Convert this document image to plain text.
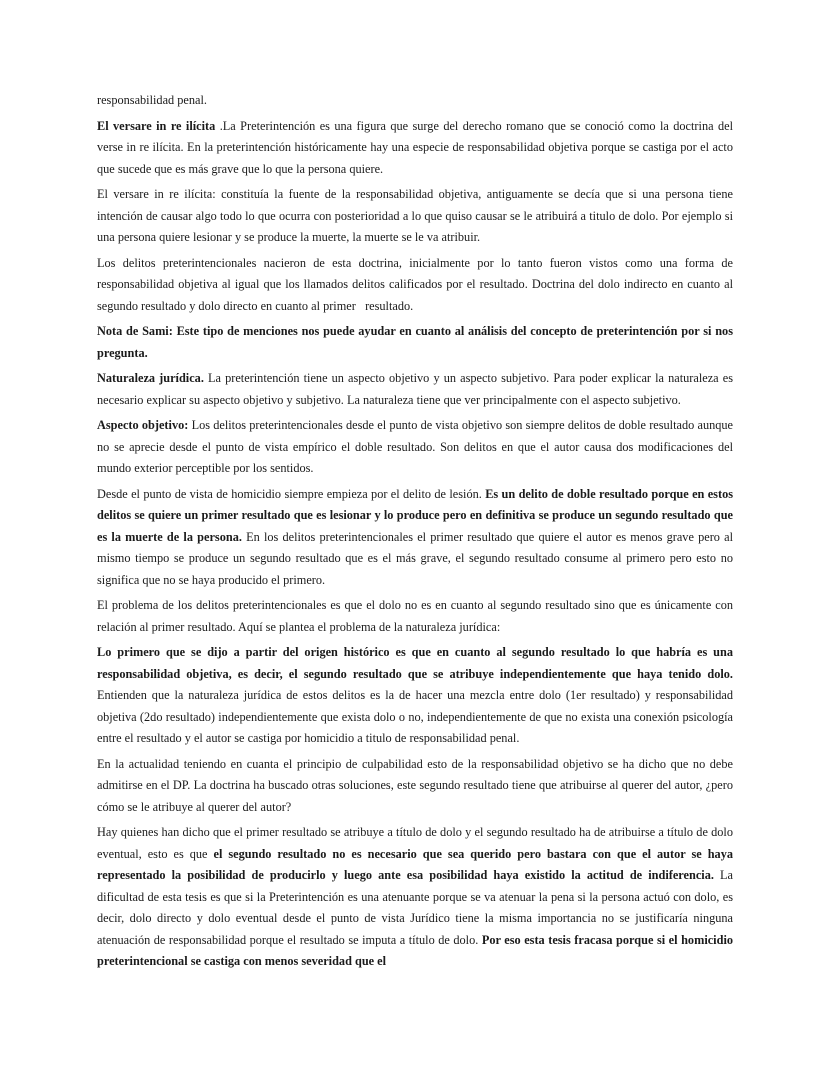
responsabilidad penal.

El versare in re ilícita .La Preterintención es una figura que surge del derecho romano que se conoció como la doctrina del verse in re ilícita. En la preterintención históricamente hay una especie de responsabilidad objetiva porque se castiga por el acto que sucede que es más grave que lo que la persona quiere.

El versare in re ilícita: constituía la fuente de la responsabilidad objetiva, antiguamente se decía que si una persona tiene intención de causar algo todo lo que ocurra con posterioridad a lo que quiso causar se le atribuirá a titulo de dolo. Por ejemplo si una persona quiere lesionar y se produce la muerte, la muerte se le va atribuir.

Los delitos preterintencionales nacieron de esta doctrina, inicialmente por lo tanto fueron vistos como una forma de responsabilidad objetiva al igual que los llamados delitos calificados por el resultado. Doctrina del dolo indirecto en cuanto al segundo resultado y dolo directo en cuanto al primer   resultado.

Nota de Sami: Este tipo de menciones nos puede ayudar en cuanto al análisis del concepto de preterintención por si nos pregunta.

Naturaleza jurídica. La preterintención tiene un aspecto objetivo y un aspecto subjetivo. Para poder explicar la naturaleza es necesario explicar su aspecto objetivo y subjetivo. La naturaleza tiene que ver principalmente con el aspecto subjetivo.

Aspecto objetivo: Los delitos preterintencionales desde el punto de vista objetivo son siempre delitos de doble resultado aunque no se aprecie desde el punto de vista empírico el doble resultado. Son delitos en que el autor causa dos modificaciones del mundo exterior perceptible por los sentidos.

Desde el punto de vista de homicidio siempre empieza por el delito de lesión. Es un delito de doble resultado porque en estos delitos se quiere un primer resultado que es lesionar y lo produce pero en definitiva se produce un segundo resultado que es la muerte de la persona. En los delitos preterintencionales el primer resultado que quiere el autor es menos grave pero al mismo tiempo se produce un segundo resultado que es el más grave, el segundo resultado consume al primero pero esto no significa que no se haya producido el primero.

El problema de los delitos preterintencionales es que el dolo no es en cuanto al segundo resultado sino que es únicamente con relación al primer resultado. Aquí se plantea el problema de la naturaleza jurídica:

Lo primero que se dijo a partir del origen histórico es que en cuanto al segundo resultado lo que habría es una responsabilidad objetiva, es decir, el segundo resultado que se atribuye independientemente que haya tenido dolo. Entienden que la naturaleza jurídica de estos delitos es la de hacer una mezcla entre dolo (1er resultado) y responsabilidad objetiva (2do resultado) independientemente que exista dolo o no, independientemente de que no exista una conexión psicología entre el resultado y el autor se castiga por homicidio a titulo de responsabilidad penal.

En la actualidad teniendo en cuanta el principio de culpabilidad esto de la responsabilidad objetivo se ha dicho que no debe admitirse en el DP. La doctrina ha buscado otras soluciones, este segundo resultado tiene que atribuirse al querer del autor, ¿pero cómo se le atribuye al querer del autor?

Hay quienes han dicho que el primer resultado se atribuye a título de dolo y el segundo resultado ha de atribuirse a título de dolo eventual, esto es que el segundo resultado no es necesario que sea querido pero bastara con que el autor se haya representado la posibilidad de producirlo y luego ante esa posibilidad haya existido la actitud de indiferencia. La dificultad de esta tesis es que si la Preterintención es una atenuante porque se va atenuar la pena si la persona actuó con dolo, es decir, dolo directo y dolo eventual desde el punto de vista Jurídico tiene la misma importancia no se justificaría ninguna atenuación de responsabilidad porque el resultado se imputa a título de dolo. Por eso esta tesis fracasa porque si el homicidio preterintencional se castiga con menos severidad que el
